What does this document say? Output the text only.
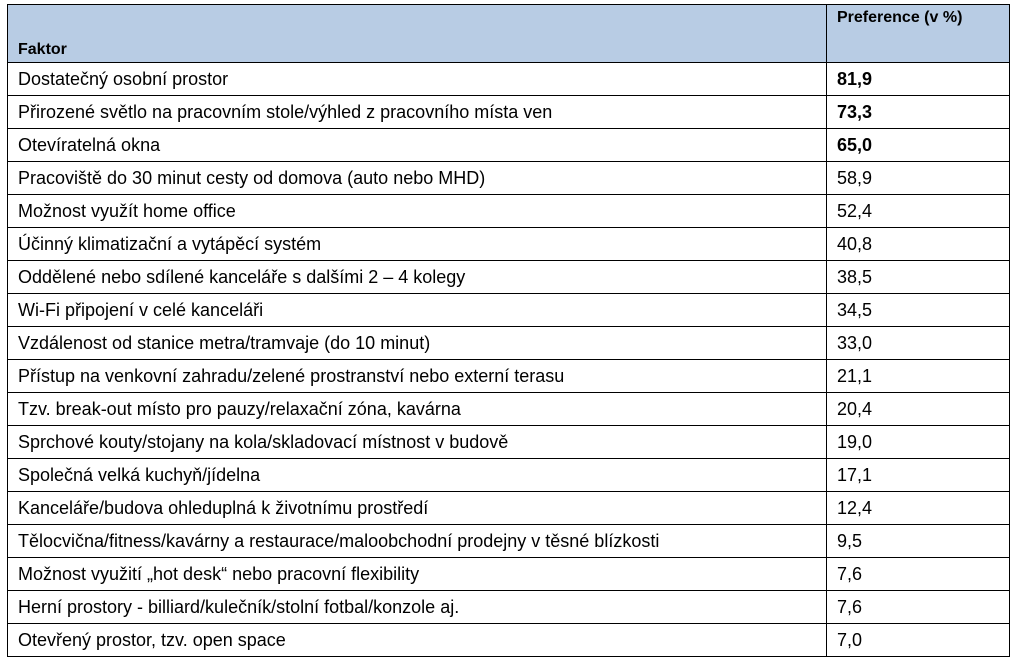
Faktor	Preference (v %)
Dostatečný osobní prostor	81,9
Přirozené světlo na pracovním stole/výhled z pracovního místa ven	73,3
Otevíratelná okna	65,0
Pracoviště do 30 minut cesty od domova (auto nebo MHD)	58,9
Možnost využít home office	52,4
Účinný klimatizační a vytápěcí systém	40,8
Oddělené nebo sdílené kanceláře s dalšími 2 – 4 kolegy	38,5
Wi-Fi připojení v celé kanceláři	34,5
Vzdálenost od stanice metra/tramvaje (do 10 minut)	33,0
Přístup na venkovní zahradu/zelené prostranství nebo externí terasu	21,1
Tzv. break-out místo pro pauzy/relaxační zóna, kavárna	20,4
Sprchové kouty/stojany na kola/skladovací místnost v budově	19,0
Společná velká kuchyň/jídelna	17,1
Kanceláře/budova ohleduplná k životnímu prostředí	12,4
Tělocvična/fitness/kavárny a restaurace/maloobchodní prodejny v těsné blízkosti	9,5
Možnost využití „hot desk“ nebo pracovní flexibility	7,6
Herní prostory - billiard/kulečník/stolní fotbal/konzole aj.	7,6
Otevřený prostor, tzv. open space	7,0
